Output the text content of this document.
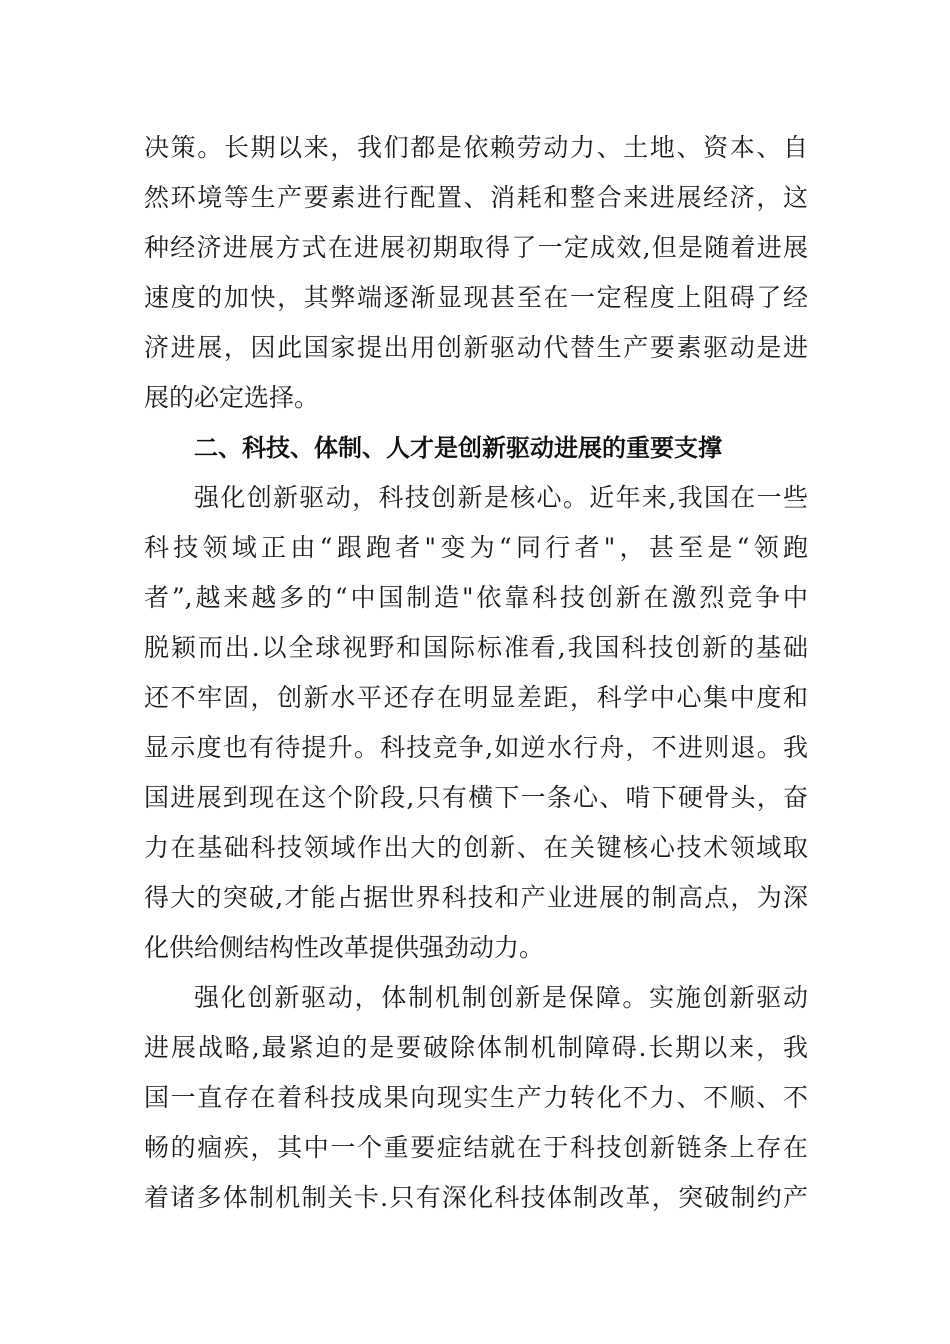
决策。长期以来，我们都是依赖劳动力、土地、资本、自
然环境等生产要素进行配置、消耗和整合来进展经济，这
种经济进展方式在进展初期取得了一定成效,但是随着进展
速度的加快，其弊端逐渐显现甚至在一定程度上阻碍了经
济进展，因此国家提出用创新驱动代替生产要素驱动是进
展的必定选择。
二、科技、体制、人才是创新驱动进展的重要支撑
强化创新驱动，科技创新是核心。近年来,我国在一些
科技领域正由“跟跑者"变为“同行者"，甚至是“领跑
者”,越来越多的“中国制造"依靠科技创新在激烈竞争中
脱颖而出.以全球视野和国际标准看,我国科技创新的基础
还不牢固，创新水平还存在明显差距，科学中心集中度和
显示度也有待提升。科技竞争,如逆水行舟，不进则退。我
国进展到现在这个阶段,只有横下一条心、啃下硬骨头，奋
力在基础科技领域作出大的创新、在关键核心技术领域取
得大的突破,才能占据世界科技和产业进展的制高点，为深
化供给侧结构性改革提供强劲动力。
强化创新驱动，体制机制创新是保障。实施创新驱动
进展战略,最紧迫的是要破除体制机制障碍.长期以来，我
国一直存在着科技成果向现实生产力转化不力、不顺、不
畅的痼疾，其中一个重要症结就在于科技创新链条上存在
着诸多体制机制关卡.只有深化科技体制改革，突破制约产
